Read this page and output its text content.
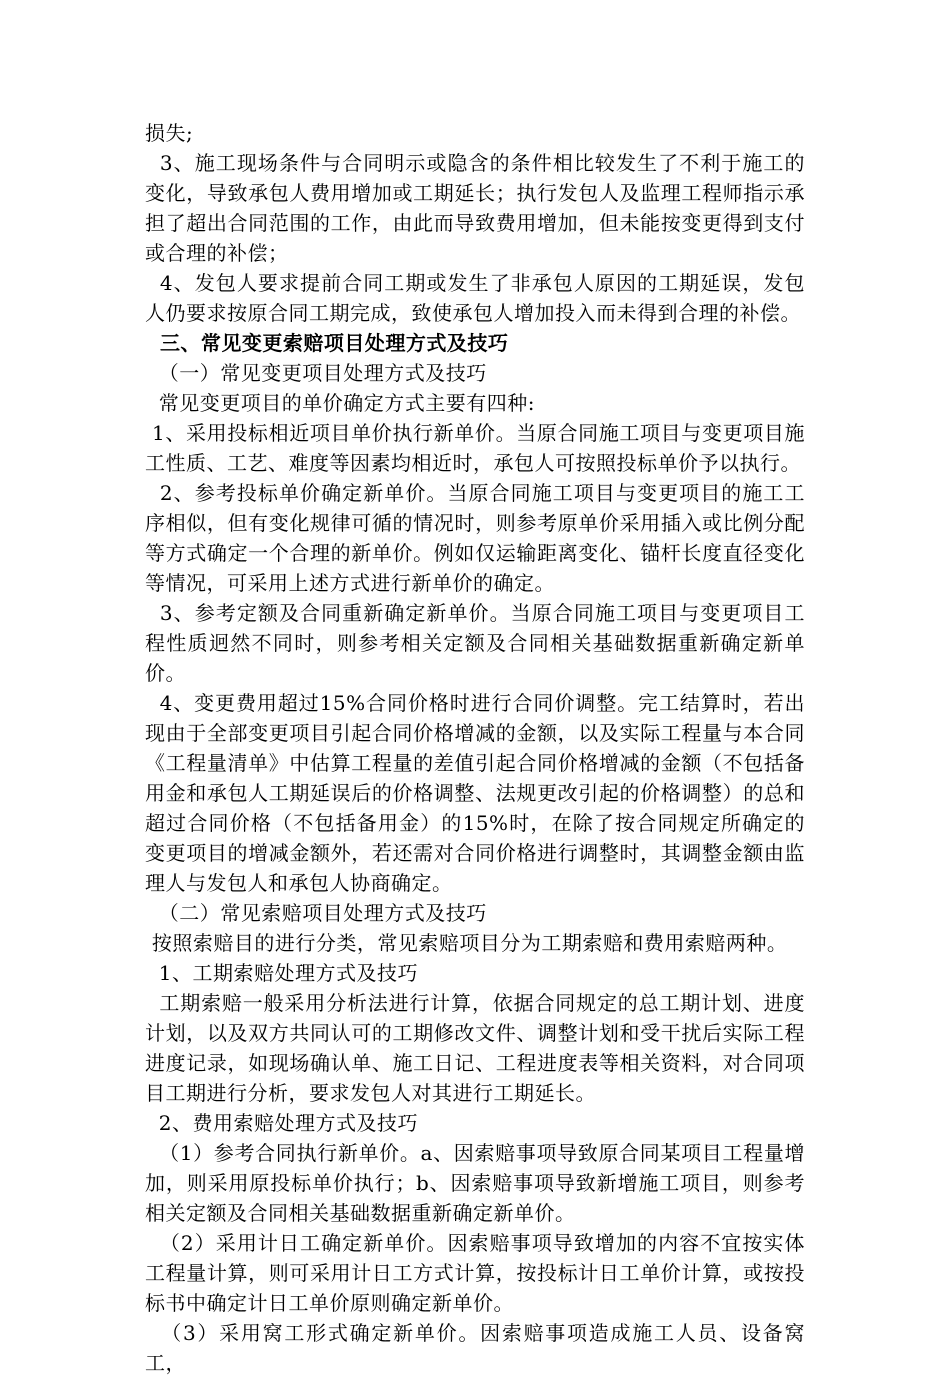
损失;

3、施工现场条件与合同明示或隐含的条件相比较发生了不利于施工的变化，导致承包人费用增加或工期延长；执行发包人及监理工程师指示承担了超出合同范围的工作，由此而导致费用增加，但未能按变更得到支付或合理的补偿；

4、发包人要求提前合同工期或发生了非承包人原因的工期延误，发包人仍要求按原合同工期完成，致使承包人增加投入而未得到合理的补偿。

三、常见变更索赔项目处理方式及技巧

（一）常见变更项目处理方式及技巧

常见变更项目的单价确定方式主要有四种:

1、采用投标相近项目单价执行新单价。当原合同施工项目与变更项目施工性质、工艺、难度等因素均相近时，承包人可按照投标单价予以执行。

2、参考投标单价确定新单价。当原合同施工项目与变更项目的施工工序相似，但有变化规律可循的情况时，则参考原单价采用插入或比例分配等方式确定一个合理的新单价。例如仅运输距离变化、锚杆长度直径变化等情况，可采用上述方式进行新单价的确定。

3、参考定额及合同重新确定新单价。当原合同施工项目与变更项目工程性质迥然不同时，则参考相关定额及合同相关基础数据重新确定新单价。

4、变更费用超过15%合同价格时进行合同价调整。完工结算时，若出现由于全部变更项目引起合同价格增减的金额，以及实际工程量与本合同《工程量清单》中估算工程量的差值引起合同价格增减的金额（不包括备用金和承包人工期延误后的价格调整、法规更改引起的价格调整）的总和超过合同价格（不包括备用金）的15%时，在除了按合同规定所确定的变更项目的增减金额外，若还需对合同价格进行调整时，其调整金额由监理人与发包人和承包人协商确定。

（二）常见索赔项目处理方式及技巧

按照索赔目的进行分类，常见索赔项目分为工期索赔和费用索赔两种。

1、工期索赔处理方式及技巧

工期索赔一般采用分析法进行计算，依据合同规定的总工期计划、进度计划，以及双方共同认可的工期修改文件、调整计划和受干扰后实际工程进度记录，如现场确认单、施工日记、工程进度表等相关资料，对合同项目工期进行分析，要求发包人对其进行工期延长。

2、费用索赔处理方式及技巧

（1）参考合同执行新单价。a、因索赔事项导致原合同某项目工程量增加，则采用原投标单价执行；b、因索赔事项导致新增施工项目，则参考相关定额及合同相关基础数据重新确定新单价。

（2）采用计日工确定新单价。因索赔事项导致增加的内容不宜按实体工程量计算，则可采用计日工方式计算，按投标计日工单价计算，或按投标书中确定计日工单价原则确定新单价。

（3）采用窝工形式确定新单价。因索赔事项造成施工人员、设备窝工，
